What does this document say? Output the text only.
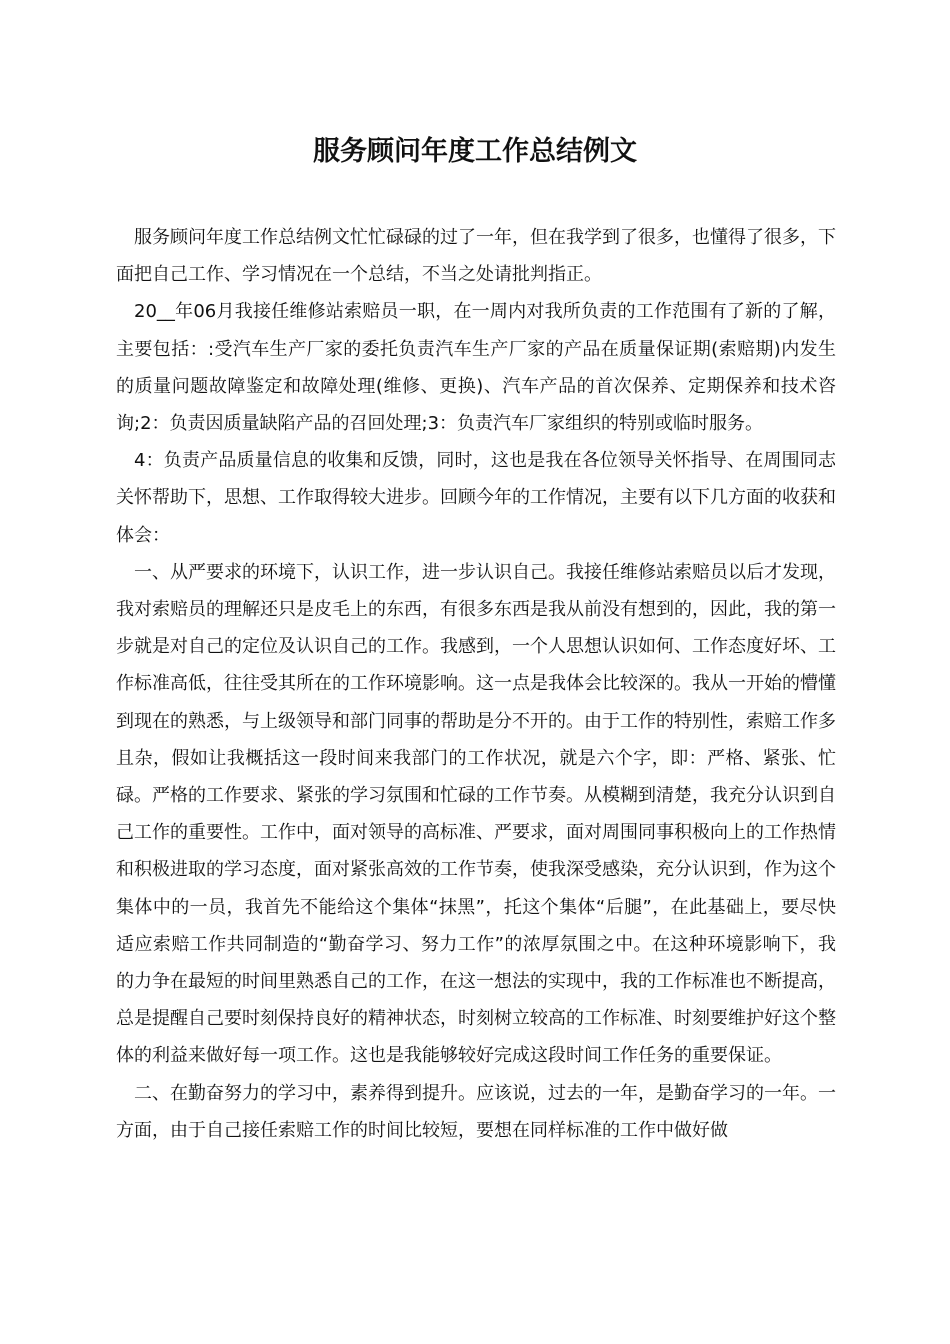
服务顾问年度工作总结例文

服务顾问年度工作总结例文忙忙碌碌的过了一年，但在我学到了很多，也懂得了很多，下面把自己工作、学习情况在一个总结，不当之处请批判指正。

20__年06月我接任维修站索赔员一职，在一周内对我所负责的工作范围有了新的了解，主要包括：:受汽车生产厂家的委托负责汽车生产厂家的产品在质量保证期(索赔期)内发生的质量问题故障鉴定和故障处理(维修、更换)、汽车产品的首次保养、定期保养和技术咨询;2：负责因质量缺陷产品的召回处理;3：负责汽车厂家组织的特别或临时服务。

4：负责产品质量信息的收集和反馈，同时，这也是我在各位领导关怀指导、在周围同志关怀帮助下，思想、工作取得较大进步。回顾今年的工作情况，主要有以下几方面的收获和体会：

一、从严要求的环境下，认识工作，进一步认识自己。我接任维修站索赔员以后才发现，我对索赔员的理解还只是皮毛上的东西，有很多东西是我从前没有想到的，因此，我的第一步就是对自己的定位及认识自己的工作。我感到，一个人思想认识如何、工作态度好坏、工作标准高低，往往受其所在的工作环境影响。这一点是我体会比较深的。我从一开始的懵懂到现在的熟悉，与上级领导和部门同事的帮助是分不开的。由于工作的特别性，索赔工作多且杂，假如让我概括这一段时间来我部门的工作状况，就是六个字，即：严格、紧张、忙碌。严格的工作要求、紧张的学习氛围和忙碌的工作节奏。从模糊到清楚，我充分认识到自己工作的重要性。工作中，面对领导的高标准、严要求，面对周围同事积极向上的工作热情和积极进取的学习态度，面对紧张高效的工作节奏，使我深受感染，充分认识到，作为这个集体中的一员，我首先不能给这个集体“抹黑”，托这个集体“后腿”，在此基础上，要尽快适应索赔工作共同制造的“勤奋学习、努力工作”的浓厚氛围之中。在这种环境影响下，我的力争在最短的时间里熟悉自己的工作，在这一想法的实现中，我的工作标准也不断提高，总是提醒自己要时刻保持良好的精神状态，时刻树立较高的工作标准、时刻要维护好这个整体的利益来做好每一项工作。这也是我能够较好完成这段时间工作任务的重要保证。

二、在勤奋努力的学习中，素养得到提升。应该说，过去的一年，是勤奋学习的一年。一方面，由于自己接任索赔工作的时间比较短，要想在同样标准的工作中做好做
